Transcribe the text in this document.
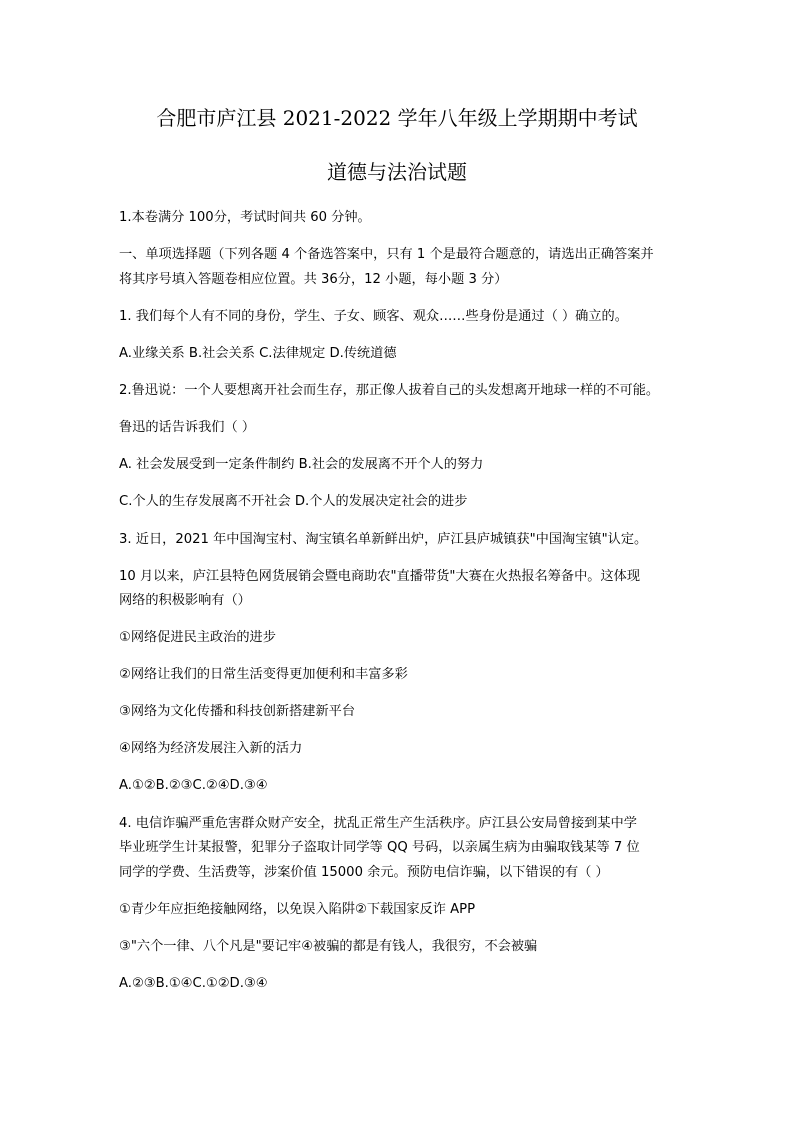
合肥市庐江县 2021-2022 学年八年级上学期期中考试
道德与法治试题
1.本卷满分 100分，考试时间共 60 分钟。
一、单项选择题（下列各题 4 个备选答案中，只有 1 个是最符合题意的，请选出正确答案并
将其序号填入答题卷相应位置。共 36分，12 小题，每小题 3 分）
1. 我们每个人有不同的身份，学生、子女、顾客、观众……些身份是通过（ ）确立的。
A.业缘关系 B.社会关系 C.法律规定 D.传统道德
2.鲁迅说：一个人要想离开社会而生存，那正像人拔着自己的头发想离开地球一样的不可能。
鲁迅的话告诉我们（ ）
A. 社会发展受到一定条件制约 B.社会的发展离不开个人的努力
C.个人的生存发展离不开社会 D.个人的发展决定社会的进步
3. 近日，2021 年中国淘宝村、淘宝镇名单新鲜出炉，庐江县庐城镇获"中国淘宝镇"认定。
10 月以来，庐江县特色网货展销会暨电商助农"直播带货"大赛在火热报名筹备中。这体现
网络的积极影响有（）
①网络促进民主政治的进步
②网络让我们的日常生活变得更加便利和丰富多彩
③网络为文化传播和科技创新搭建新平台
④网络为经济发展注入新的活力
A.①②B.②③C.②④D.③④
4. 电信诈骗严重危害群众财产安全，扰乱正常生产生活秩序。庐江县公安局曾接到某中学
毕业班学生计某报警，犯罪分子盗取计同学等 QQ 号码，以亲属生病为由骗取钱某等 7 位
同学的学费、生活费等，涉案价值 15000 余元。预防电信诈骗，以下错误的有（ ）
①青少年应拒绝接触网络，以免误入陷阱②下载国家反诈 APP
③"六个一律、八个凡是"要记牢④被骗的都是有钱人，我很穷，不会被骗
A.②③B.①④C.①②D.③④
